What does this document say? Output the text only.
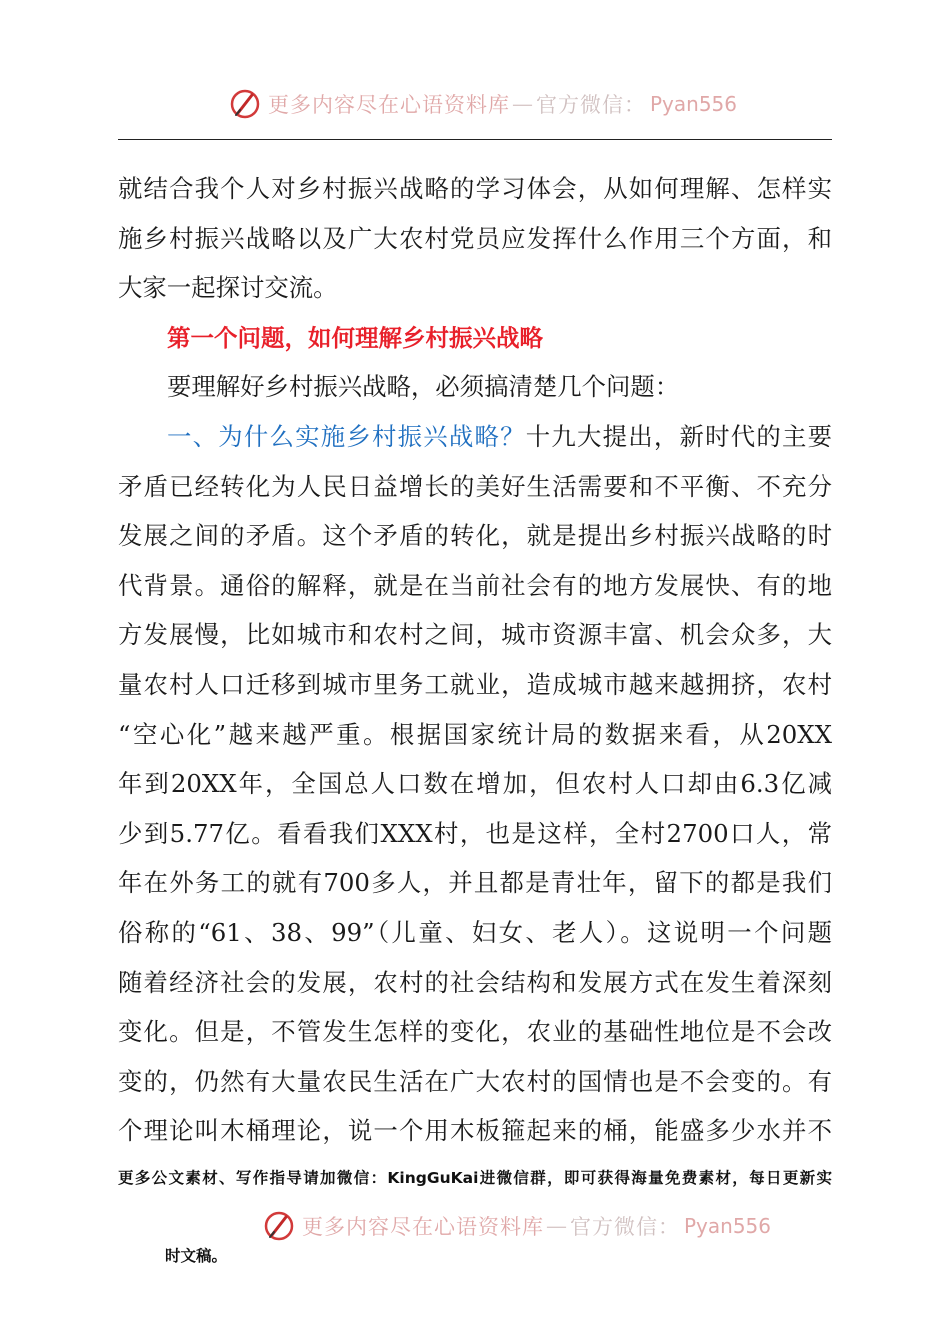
更多内容尽在心语资料库 — 官方微信： Pyan556
就结合我个人对乡村振兴战略的学习体会，从如何理解、怎样实
施乡村振兴战略以及广大农村党员应发挥什么作用三个方面，和
大家一起探讨交流。
第一个问题，如何理解乡村振兴战略
要理解好乡村振兴战略，必须搞清楚几个问题：
一、为什么实施乡村振兴战略？十九大提出，新时代的主要
矛盾已经转化为人民日益增长的美好生活需要和不平衡、不充分
发展之间的矛盾。这个矛盾的转化，就是提出乡村振兴战略的时
代背景。通俗的解释，就是在当前社会有的地方发展快、有的地
方发展慢，比如城市和农村之间，城市资源丰富、机会众多，大
量农村人口迁移到城市里务工就业，造成城市越来越拥挤，农村
“空心化”越来越严重。根据国家统计局的数据来看，从20XX
年到20XX年，全国总人口数在增加，但农村人口却由6.3亿减
少到5.77亿。看看我们XXX村，也是这样，全村2700口人，常
年在外务工的就有700多人，并且都是青壮年，留下的都是我们
俗称的“61、38、99”（儿童、妇女、老人）。这说明一个问题
随着经济社会的发展，农村的社会结构和发展方式在发生着深刻
变化。但是，不管发生怎样的变化，农业的基础性地位是不会改
变的，仍然有大量农民生活在广大农村的国情也是不会变的。有
个理论叫木桶理论，说一个用木板箍起来的桶，能盛多少水并不
更多公文素材、写作指导请加微信：KingGuKai进微信群，即可获得海量免费素材，每日更新实
更多内容尽在心语资料库 — 官方微信： Pyan556
时文稿。
